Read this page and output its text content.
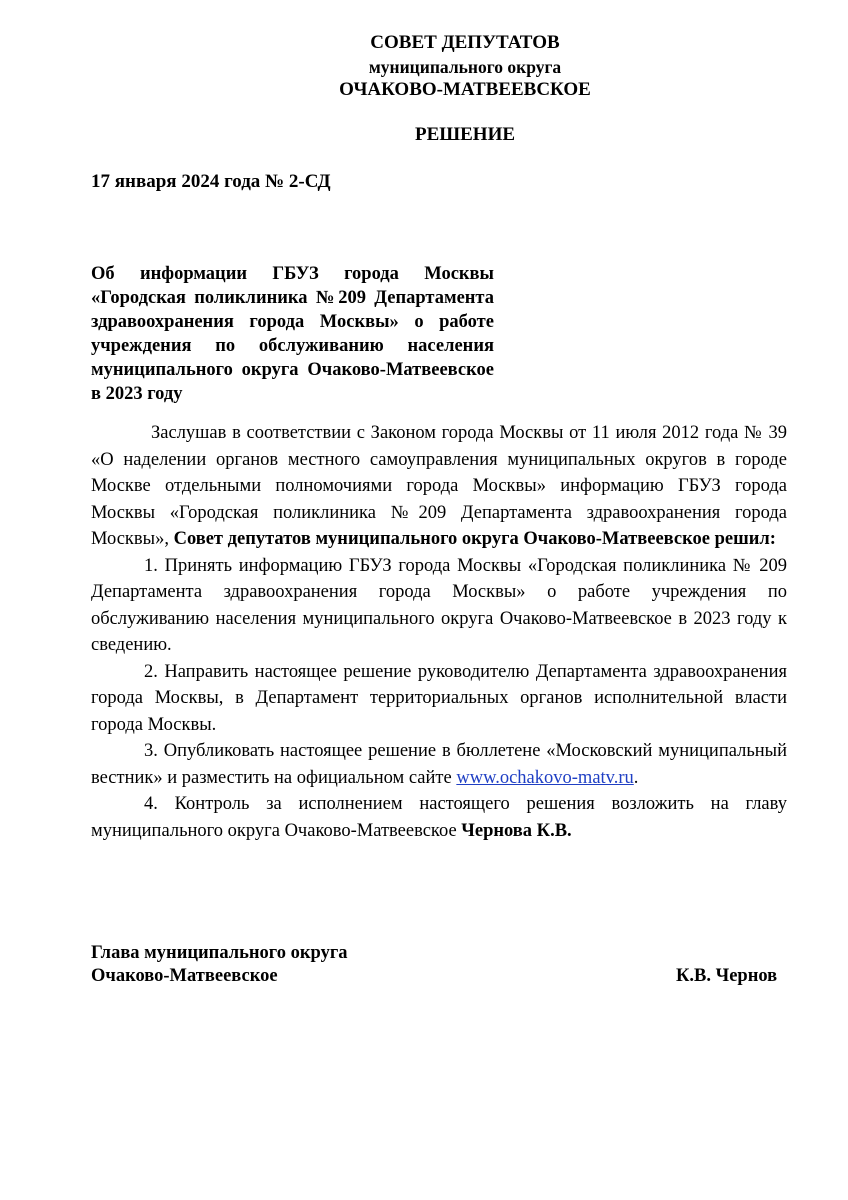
СОВЕТ ДЕПУТАТОВ
муниципального округа
ОЧАКОВО-МАТВЕЕВСКОЕ
РЕШЕНИЕ
17 января 2024 года № 2-СД
Об информации ГБУЗ города Москвы «Городская поликлиника №209 Департамента здравоохранения города Москвы» о работе учреждения по обслуживанию населения муниципального округа Очаково-Матвеевское в 2023 году

Заслушав в соответствии с Законом города Москвы от 11 июля 2012 года № 39 «О наделении органов местного самоуправления муниципальных округов в городе Москве отдельными полномочиями города Москвы» информацию ГБУЗ города Москвы «Городская поликлиника №209 Департамента здравоохранения города Москвы», Совет депутатов муниципального округа Очаково-Матвеевское решил:

1. Принять информацию ГБУЗ города Москвы «Городская поликлиника № 209 Департамента здравоохранения города Москвы» о работе учреждения по обслуживанию населения муниципального округа Очаково-Матвеевское в 2023 году к сведению.

2. Направить настоящее решение руководителю Департамента здравоохранения города Москвы, в Департамент территориальных органов исполнительной власти города Москвы.

3. Опубликовать настоящее решение в бюллетене «Московский муниципальный вестник» и разместить на официальном сайте www.ochakovo-matv.ru.

4. Контроль за исполнением настоящего решения возложить на главу муниципального округа Очаково-Матвеевское Чернова К.В.

Глава муниципального округа
Очаково-Матвеевское	К.В. Чернов
